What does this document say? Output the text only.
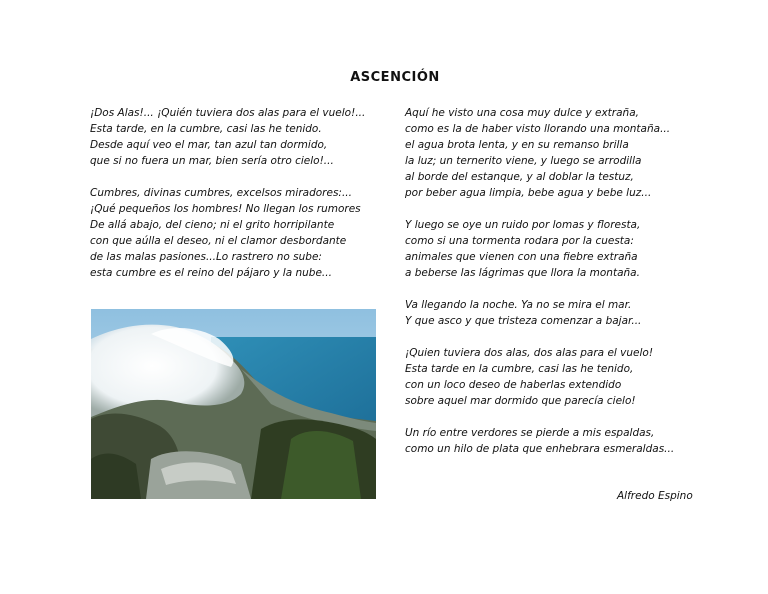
ASCENCIÓN
¡Dos Alas!... ¡Quién tuviera dos alas para el vuelo!...
Esta tarde, en la cumbre, casi las he tenido.
Desde aquí veo el mar, tan azul tan dormido,
que si no fuera un mar, bien sería otro cielo!...
Cumbres, divinas cumbres, excelsos miradores:...
¡Qué pequeños los hombres! No llegan los rumores
De allá abajo, del cieno; ni el grito horripilante
con que aúlla el deseo, ni el clamor desbordante
de las malas pasiones...Lo rastrero no sube:
esta cumbre es el reino del pájaro y la nube...
Aquí he visto una cosa muy dulce y extraña,
como es la de haber visto llorando una montaña...
el agua brota lenta, y en su remanso brilla
la luz; un ternerito viene, y luego se arrodilla
al borde del estanque, y al doblar la testuz,
por beber agua limpia, bebe agua y bebe luz...
Y luego se oye un ruido por lomas y floresta,
como si una tormenta rodara por la cuesta:
animales que vienen con una fiebre extraña
a beberse las lágrimas que llora la montaña.
Va llegando la noche. Ya no se mira el mar.
Y que asco y que tristeza comenzar a bajar...
¡Quien tuviera dos alas, dos alas para el vuelo!
Esta tarde en la cumbre, casi las he tenido,
con un loco deseo de haberlas extendido
sobre aquel mar dormido que parecía cielo!
Un río entre verdores se pierde a mis espaldas,
como un hilo de plata que enhebrara esmeraldas...
Alfredo Espino
